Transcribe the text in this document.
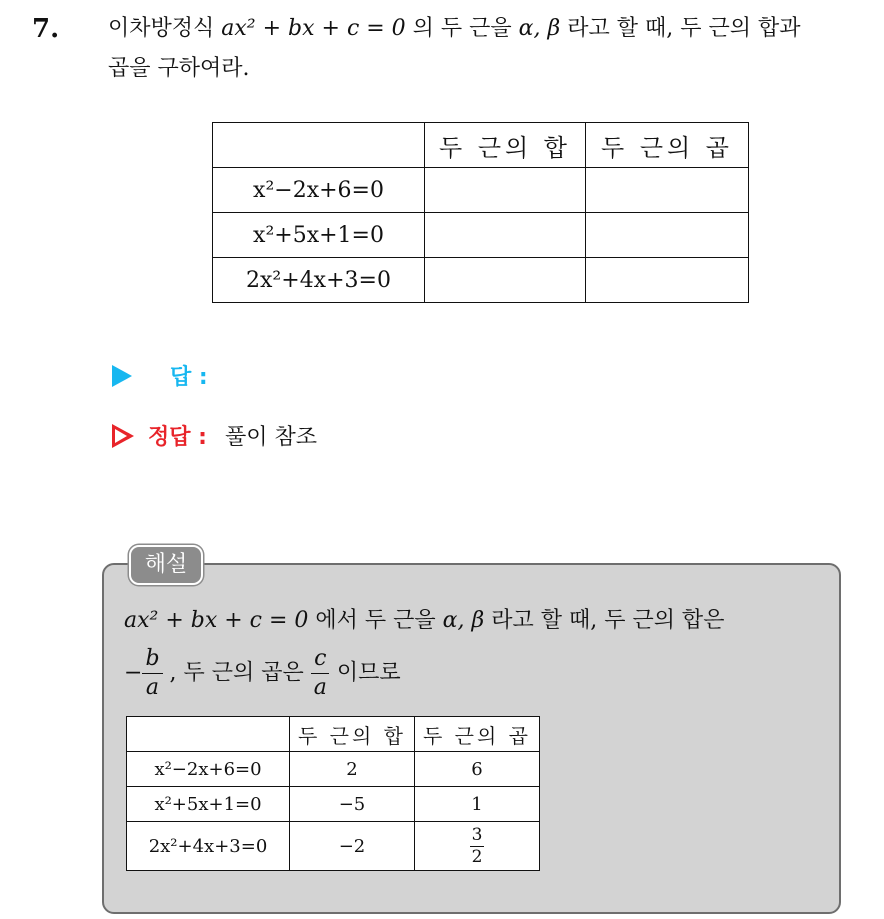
7. 이차방정식 ax² + bx + c = 0 의 두 근을 α, β 라고 할 때, 두 근의 합과
곱을 구하여라.
	두 근의 합	두 근의 곱
x²−2x+6=0		
x²+5x+1=0		
2x²+4x+3=0		
답 :
정답 : 풀이 참조
해설
ax² + bx + c = 0 에서 두 근을 α, β 라고 할 때, 두 근의 합은
− $\frac{b}{a}$ , 두 근의 곱은 $\frac{c}{a}$ 이므로
	두 근의 합	두 근의 곱
x²−2x+6=0	2	6
x²+5x+1=0	−5	1
2x²+4x+3=0	−2	$\frac{3}{2}$
